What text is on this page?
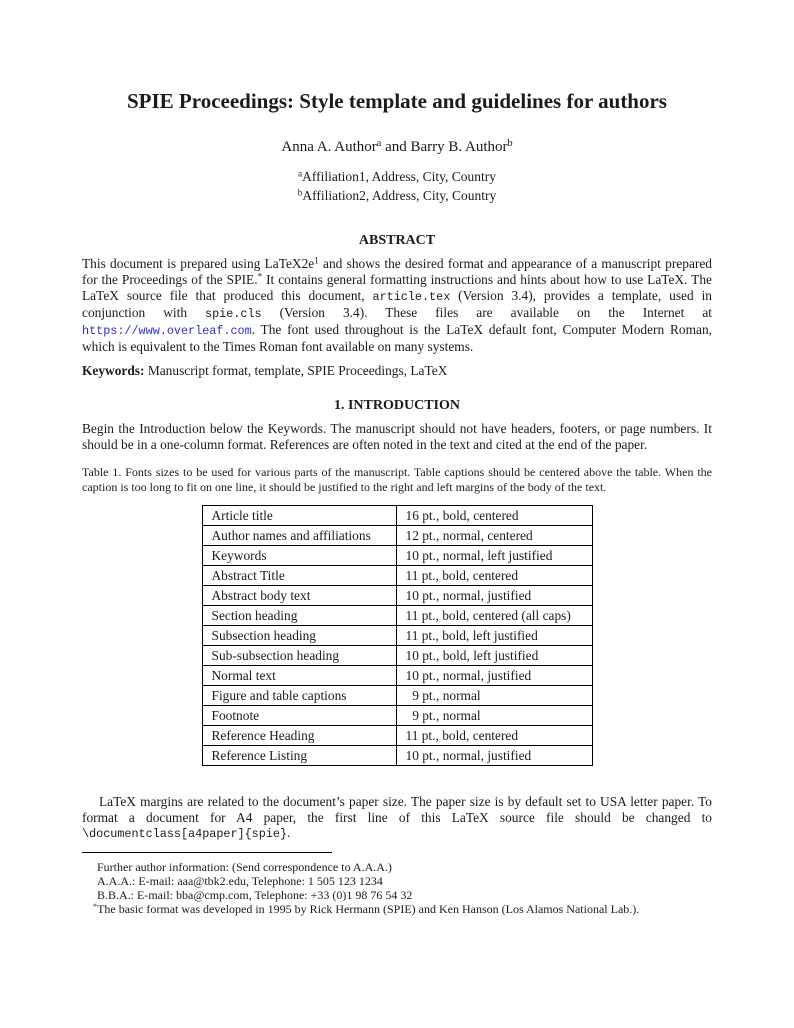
SPIE Proceedings: Style template and guidelines for authors
Anna A. Author$^a$ and Barry B. Author$^b$
$^a$Affiliation1, Address, City, Country
$^b$Affiliation2, Address, City, Country
ABSTRACT
This document is prepared using $LaTeX2e^1$ and shows the desired format and appearance of a manuscript prepared for the Proceedings of the SPIE.* It contains general formatting instructions and hints about how to use LaTeX. The LaTeX source file that produced this document, article.tex (Version 3.4), provides a template, used in conjunction with spie.cls (Version 3.4). These files are available on the Internet at https://www.overleaf.com. The font used throughout is the LaTeX default font, Computer Modern Roman, which is equivalent to the Times Roman font available on many systems.
Keywords: Manuscript format, template, SPIE Proceedings, LaTeX
1. INTRODUCTION
Begin the Introduction below the Keywords. The manuscript should not have headers, footers, or page numbers. It should be in a one-column format. References are often noted in the text and cited at the end of the paper.
Table 1. Fonts sizes to be used for various parts of the manuscript. Table captions should be centered above the table. When the caption is too long to fit on one line, it should be justified to the right and left margins of the body of the text.
Article title	16 pt., bold, centered
Author names and affiliations	12 pt., normal, centered
Keywords	10 pt., normal, left justified
Abstract Title	11 pt., bold, centered
Abstract body text	10 pt., normal, justified
Section heading	11 pt., bold, centered (all caps)
Subsection heading	11 pt., bold, left justified
Sub-subsection heading	10 pt., bold, left justified
Normal text	10 pt., normal, justified
Figure and table captions	 9 pt., normal
Footnote	 9 pt., normal
Reference Heading	11 pt., bold, centered
Reference Listing	10 pt., normal, justified
LaTeX margins are related to the document’s paper size. The paper size is by default set to USA letter paper. To format a document for A4 paper, the first line of this LaTeX source file should be changed to \documentclass[a4paper]{spie}.
Further author information: (Send correspondence to A.A.A.)
A.A.A.: E-mail: aaa@tbk2.edu, Telephone: 1 505 123 1234
B.B.A.: E-mail: bba@cmp.com, Telephone: +33 (0)1 98 76 54 32
*The basic format was developed in 1995 by Rick Hermann (SPIE) and Ken Hanson (Los Alamos National Lab.).
